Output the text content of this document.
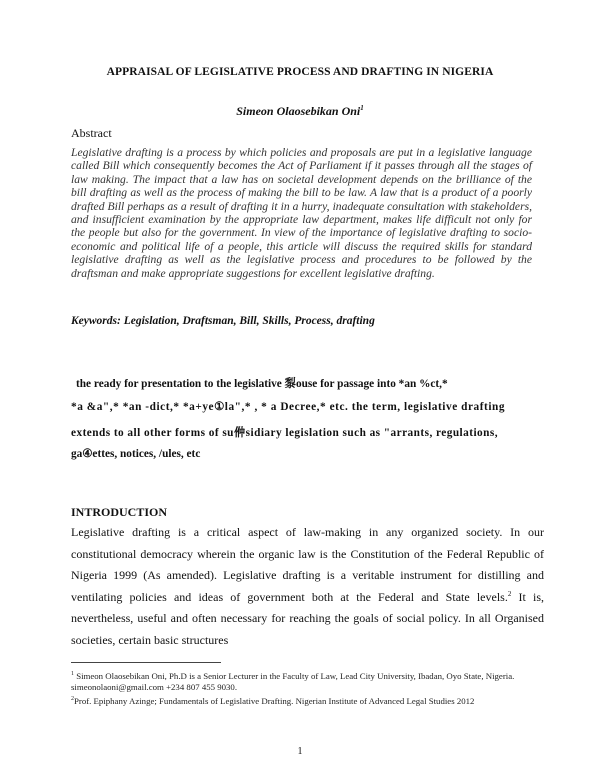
APPRAISAL OF LEGISLATIVE PROCESS AND DRAFTING IN NIGERIA
Simeon Olaosebikan Oni$^1$
Abstract
Legislative drafting is a process by which policies and proposals are put in a legislative language called Bill which consequently becomes the Act of Parliament if it passes through all the stages of law making. The impact that a law has on societal development depends on the brilliance of the bill drafting as well as the process of making the bill to be law. A law that is a product of a poorly drafted Bill perhaps as a result of drafting it in a hurry, inadequate consultation with stakeholders, and insufficient examination by the appropriate law department, makes life difficult not only for the people but also for the government. In view of the importance of legislative drafting to socio-economic and political life of a people, this article will discuss the required skills for standard legislative drafting as well as the legislative process and procedures to be followed by the draftsman and make appropriate suggestions for excellent legislative drafting.
Keywords: Legislation, Draftsman, Bill, Skills, Process, drafting
the ready for presentation to the legislative 㴝ouse for passage into *an %ct,*
*a &a",* *an -dict,* *a+ye①la",* , * a Decree,* etc. the term, legislative drafting
extends to all other forms of su㑖sidiary legislation such as "arrants, regulations,
ga④ettes, notices, /ules, etc
INTRODUCTION
Legislative drafting is a critical aspect of law-making in any organized society. In our constitutional democracy wherein the organic law is the Constitution of the Federal Republic of Nigeria 1999 (As amended). Legislative drafting is a veritable instrument for distilling and ventilating policies and ideas of government both at the Federal and State levels.$^2$ It is, nevertheless, useful and often necessary for reaching the goals of social policy. In all Organised societies, certain basic structures

$^1$ Simeon Olaosebikan Oni, Ph.D is a Senior Lecturer in the Faculty of Law, Lead City University, Ibadan, Oyo State, Nigeria. simeonolaoni@gmail.com +234 807 455 9030.

$^2$Prof. Epiphany Azinge; Fundamentals of Legislative Drafting. Nigerian Institute of Advanced Legal Studies 2012

1
